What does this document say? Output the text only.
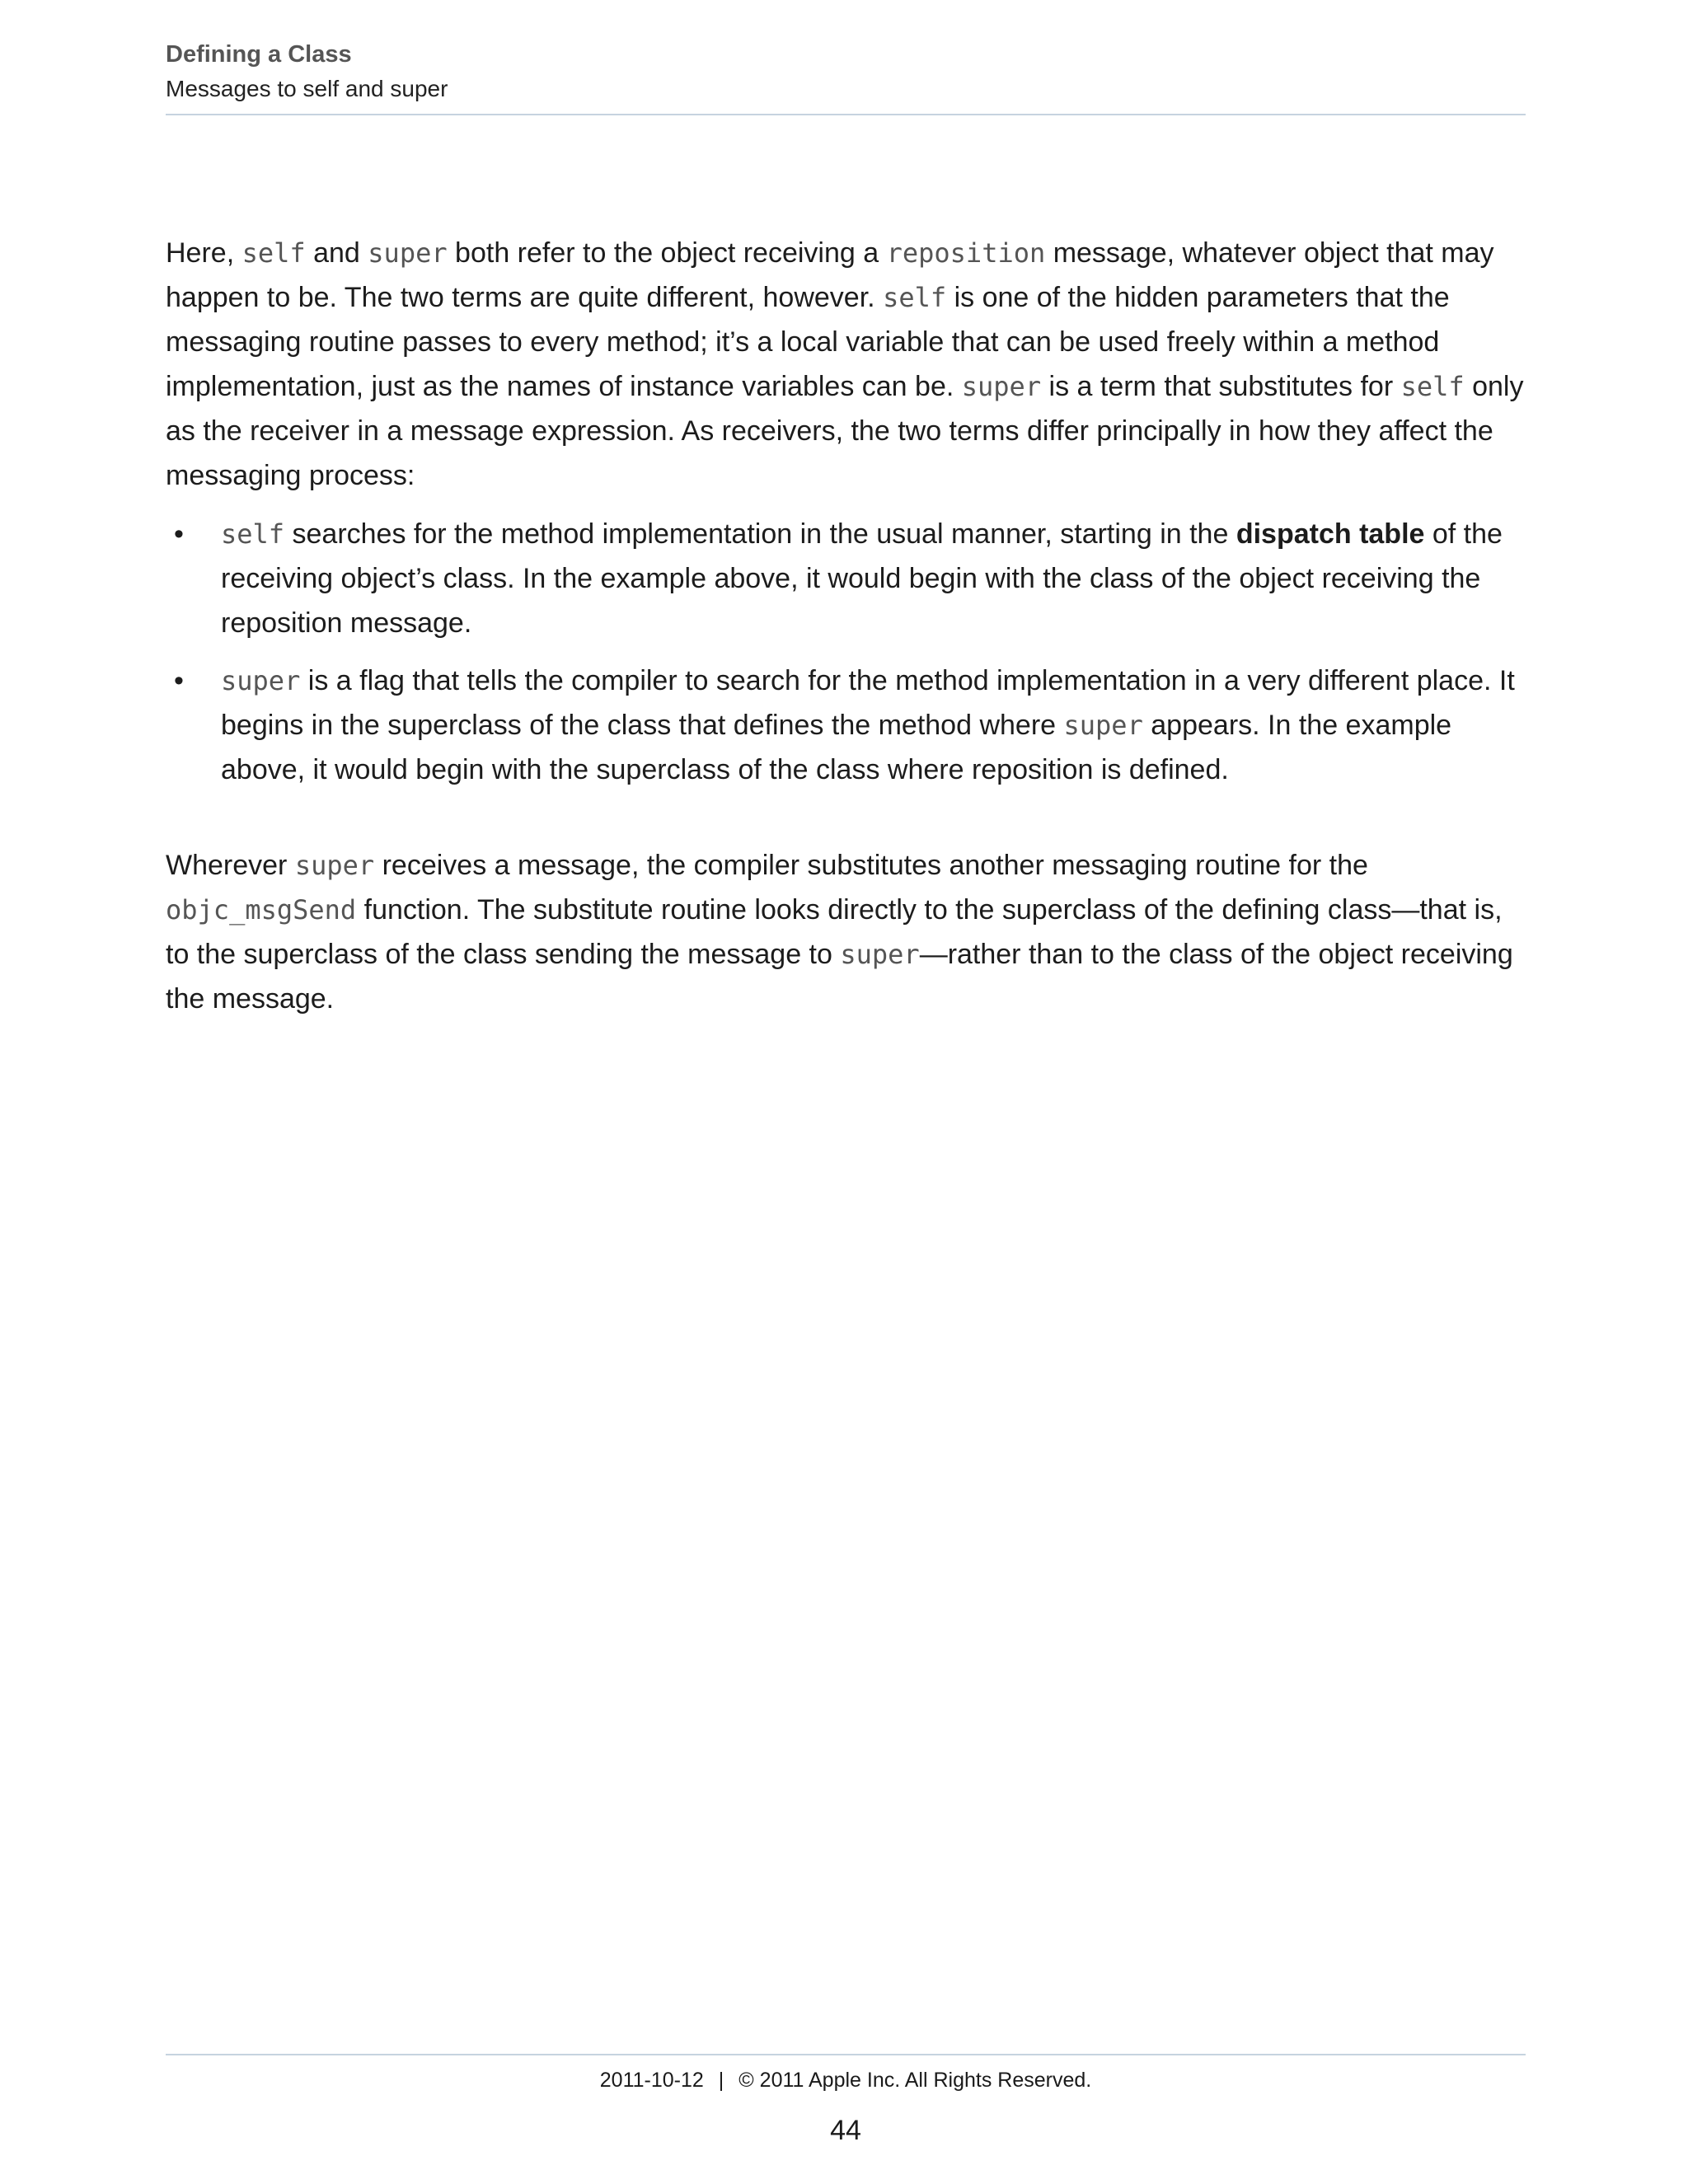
Defining a Class
Messages to self and super

Here, self and super both refer to the object receiving a reposition message, whatever object that may happen to be. The two terms are quite different, however. self is one of the hidden parameters that the messaging routine passes to every method; it’s a local variable that can be used freely within a method implementation, just as the names of instance variables can be. super is a term that substitutes for self only as the receiver in a message expression. As receivers, the two terms differ principally in how they affect the messaging process:

• self searches for the method implementation in the usual manner, starting in the dispatch table of the receiving object’s class. In the example above, it would begin with the class of the object receiving the reposition message.
• super is a flag that tells the compiler to search for the method implementation in a very different place. It begins in the superclass of the class that defines the method where super appears. In the example above, it would begin with the superclass of the class where reposition is defined.

Wherever super receives a message, the compiler substitutes another messaging routine for the objc_msgSend function. The substitute routine looks directly to the superclass of the defining class—that is, to the superclass of the class sending the message to super—rather than to the class of the object receiving the message.

2011-10-12 | © 2011 Apple Inc. All Rights Reserved.
44
